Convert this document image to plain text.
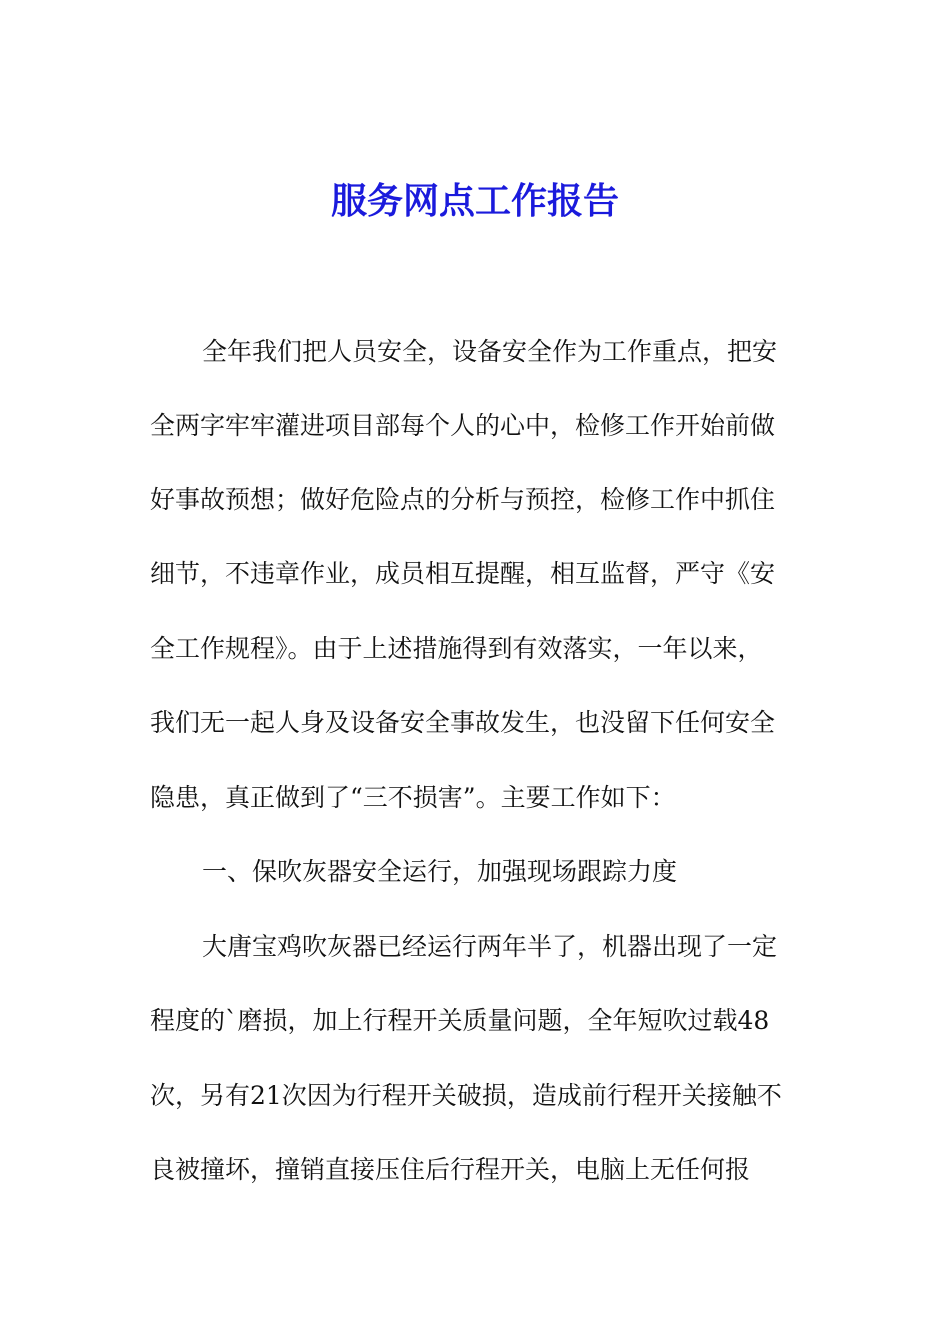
服务网点工作报告

全年我们把人员安全，设备安全作为工作重点，把安

全两字牢牢灌进项目部每个人的心中，检修工作开始前做

好事故预想；做好危险点的分析与预控，检修工作中抓住

细节，不违章作业，成员相互提醒，相互监督，严守《安

全工作规程》。由于上述措施得到有效落实，一年以来，

我们无一起人身及设备安全事故发生，也没留下任何安全

隐患，真正做到了“三不损害”。主要工作如下：

一、保吹灰器安全运行，加强现场跟踪力度

大唐宝鸡吹灰器已经运行两年半了，机器出现了一定

程度的`磨损，加上行程开关质量问题，全年短吹过载48

次，另有21次因为行程开关破损，造成前行程开关接触不

良被撞坏，撞销直接压住后行程开关，电脑上无任何报
